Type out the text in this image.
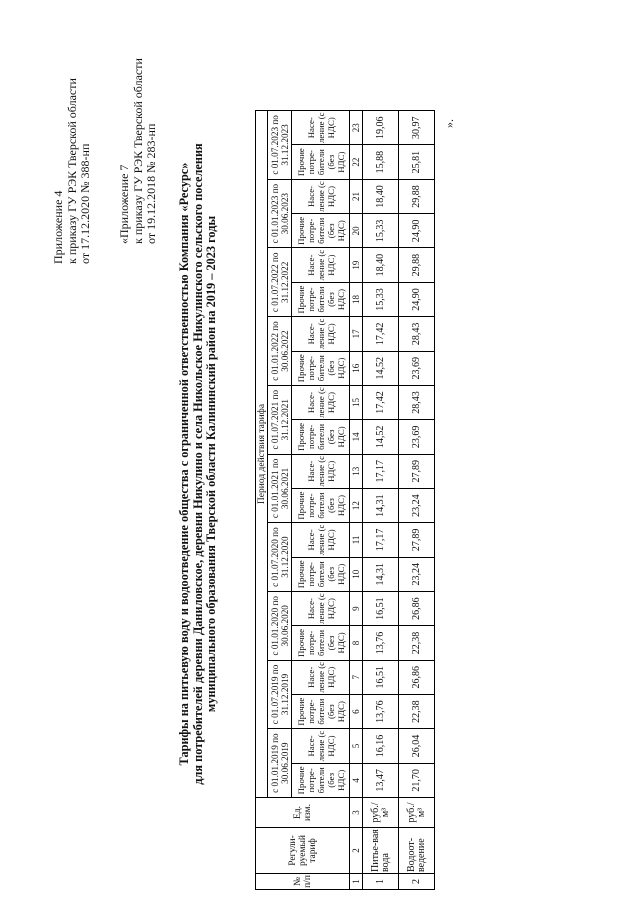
Приложение 4 к приказу ГУ РЭК Тверской области от 17.12.2020 № 388-нп «Приложение 7 к приказу ГУ РЭК Тверской области от 19.12.2018 № 283-нп Тарифы на питьевую воду и водоотведение общества с ограниченной ответственностью Компания «Ресурс» для потребителей деревни Даниловское, деревни Никулино и села Никольское Никулинского сельского поселения муниципального образования Тверской области Калининский район на 2019 – 2023 годы
№ п/п	Регули-руемый тариф	Ед. изм.	Период действия тарифа																			
			с 01.01.2019 по 30.06.2019		с 01.07.2019 по 31.12.2019		с 01.01.2020 по 30.06.2020		с 01.07.2020 по 31.12.2020		с 01.01.2021 по 30.06.2021		с 01.07.2021 по 31.12.2021		с 01.01.2022 по 30.06.2022		с 01.07.2022 по 31.12.2022		с 01.01.2023 по 30.06.2023		с 01.07.2023 по 31.12.2023	
			Прочие потре-бители (без НДС)	Насе-ление (с НДС)	Прочие потре-бители (без НДС)	Насе-ление (с НДС)	Прочие потре-бители (без НДС)	Насе-ление (с НДС)	Прочие потре-бители (без НДС)	Насе-ление (с НДС)	Прочие потре-бители (без НДС)	Насе-ление (с НДС)	Прочие потре-бители (без НДС)	Насе-ление (с НДС)	Прочие потре-бители (без НДС)	Насе-ление (с НДС)	Прочие потре-бители (без НДС)	Насе-ление (с НДС)	Прочие потре-бители (без НДС)	Насе-ление (с НДС)	Прочие потре-бители (без НДС)	Насе-ление (с НДС)
1	2	3	4	5	6	7	8	9	10	11	12	13	14	15	16	17	18	19	20	21	22	23
1	Питье-вая вода	руб./м³	13,47	16,16	13,76	16,51	13,76	16,51	14,31	17,17	14,31	17,17	14,52	17,42	14,52	17,42	15,33	18,40	15,33	18,40	15,88	19,06
2	Водоот-ведение	руб./м³	21,70	26,04	22,38	26,86	22,38	26,86	23,24	27,89	23,24	27,89	23,69	28,43	23,69	28,43	24,90	29,88	24,90	29,88	25,81	30,97 ».
